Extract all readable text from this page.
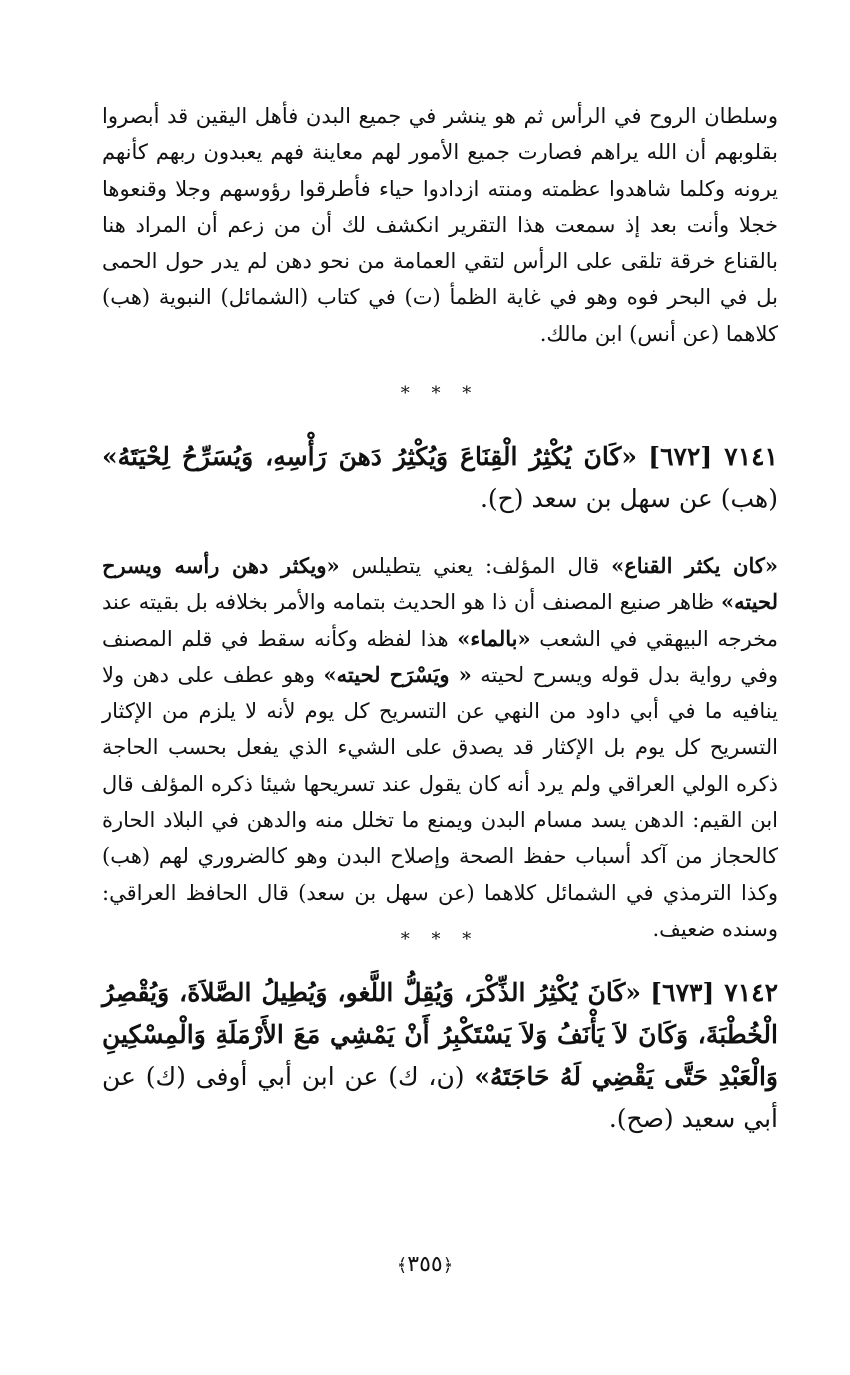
وسلطان الروح في الرأس ثم هو ينشر في جميع البدن فأهل اليقين قد أبصروا بقلوبهم أن الله يراهم فصارت جميع الأمور لهم معاينة فهم يعبدون ربهم كأنهم يرونه وكلما شاهدوا عظمته ومنته ازدادوا حياء فأطرقوا رؤوسهم وجلا وقنعوها خجلا وأنت بعد إذ سمعت هذا التقرير انكشف لك أن من زعم أن المراد هنا بالقناع خرقة تلقى على الرأس لتقي العمامة من نحو دهن لم يدر حول الحمى بل في البحر فوه وهو في غاية الظمأ (ت) في كتاب (الشمائل) النبوية (هب) كلاهما (عن أنس) ابن مالك.

* * *

٧١٤١ [٦٧٢] «كَانَ يُكْثِرُ الْقِنَاعَ وَيُكْثِرُ دَهنَ رَأْسِهِ، وَيُسَرِّحُ لِحْيَتَهُ» (هب) عن سهل بن سعد (ح).

«كان يكثر القناع» قال المؤلف: يعني يتطيلس «ويكثر دهن رأسه ويسرح لحيته» ظاهر صنيع المصنف أن ذا هو الحديث بتمامه والأمر بخلافه بل بقيته عند مخرجه البيهقي في الشعب «بالماء» هذا لفظه وكأنه سقط في قلم المصنف وفي رواية بدل قوله ويسرح لحيته « ويَسْرَح لحيته» وهو عطف على دهن ولا ينافيه ما في أبي داود من النهي عن التسريح كل يوم لأنه لا يلزم من الإكثار التسريح كل يوم بل الإكثار قد يصدق على الشيء الذي يفعل بحسب الحاجة ذكره الولي العراقي ولم يرد أنه كان يقول عند تسريحها شيئا ذكره المؤلف قال ابن القيم: الدهن يسد مسام البدن ويمنع ما تخلل منه والدهن في البلاد الحارة كالحجاز من آكد أسباب حفظ الصحة وإصلاح البدن وهو كالضروري لهم (هب) وكذا الترمذي في الشمائل كلاهما (عن سهل بن سعد) قال الحافظ العراقي: وسنده ضعيف.

* * *

٧١٤٢ [٦٧٣] «كَانَ يُكْثِرُ الذِّكْرَ، وَيُقِلُّ اللَّغو، وَيُطِيلُ الصَّلاَةَ، وَيُقْصِرُ الْخُطْبَةَ، وَكَانَ لاَ يَأْنَفُ وَلاَ يَسْتَكْبِرُ أَنْ يَمْشِي مَعَ الأَرْمَلَةِ وَالْمِسْكِينِ وَالْعَبْدِ حَتَّى يَقْضِي لَهُ حَاجَتَهُ» (ن، ك) عن ابن أبي أوفى (ك) عن أبي سعيد (صح).

﴿٣٥٥﴾
